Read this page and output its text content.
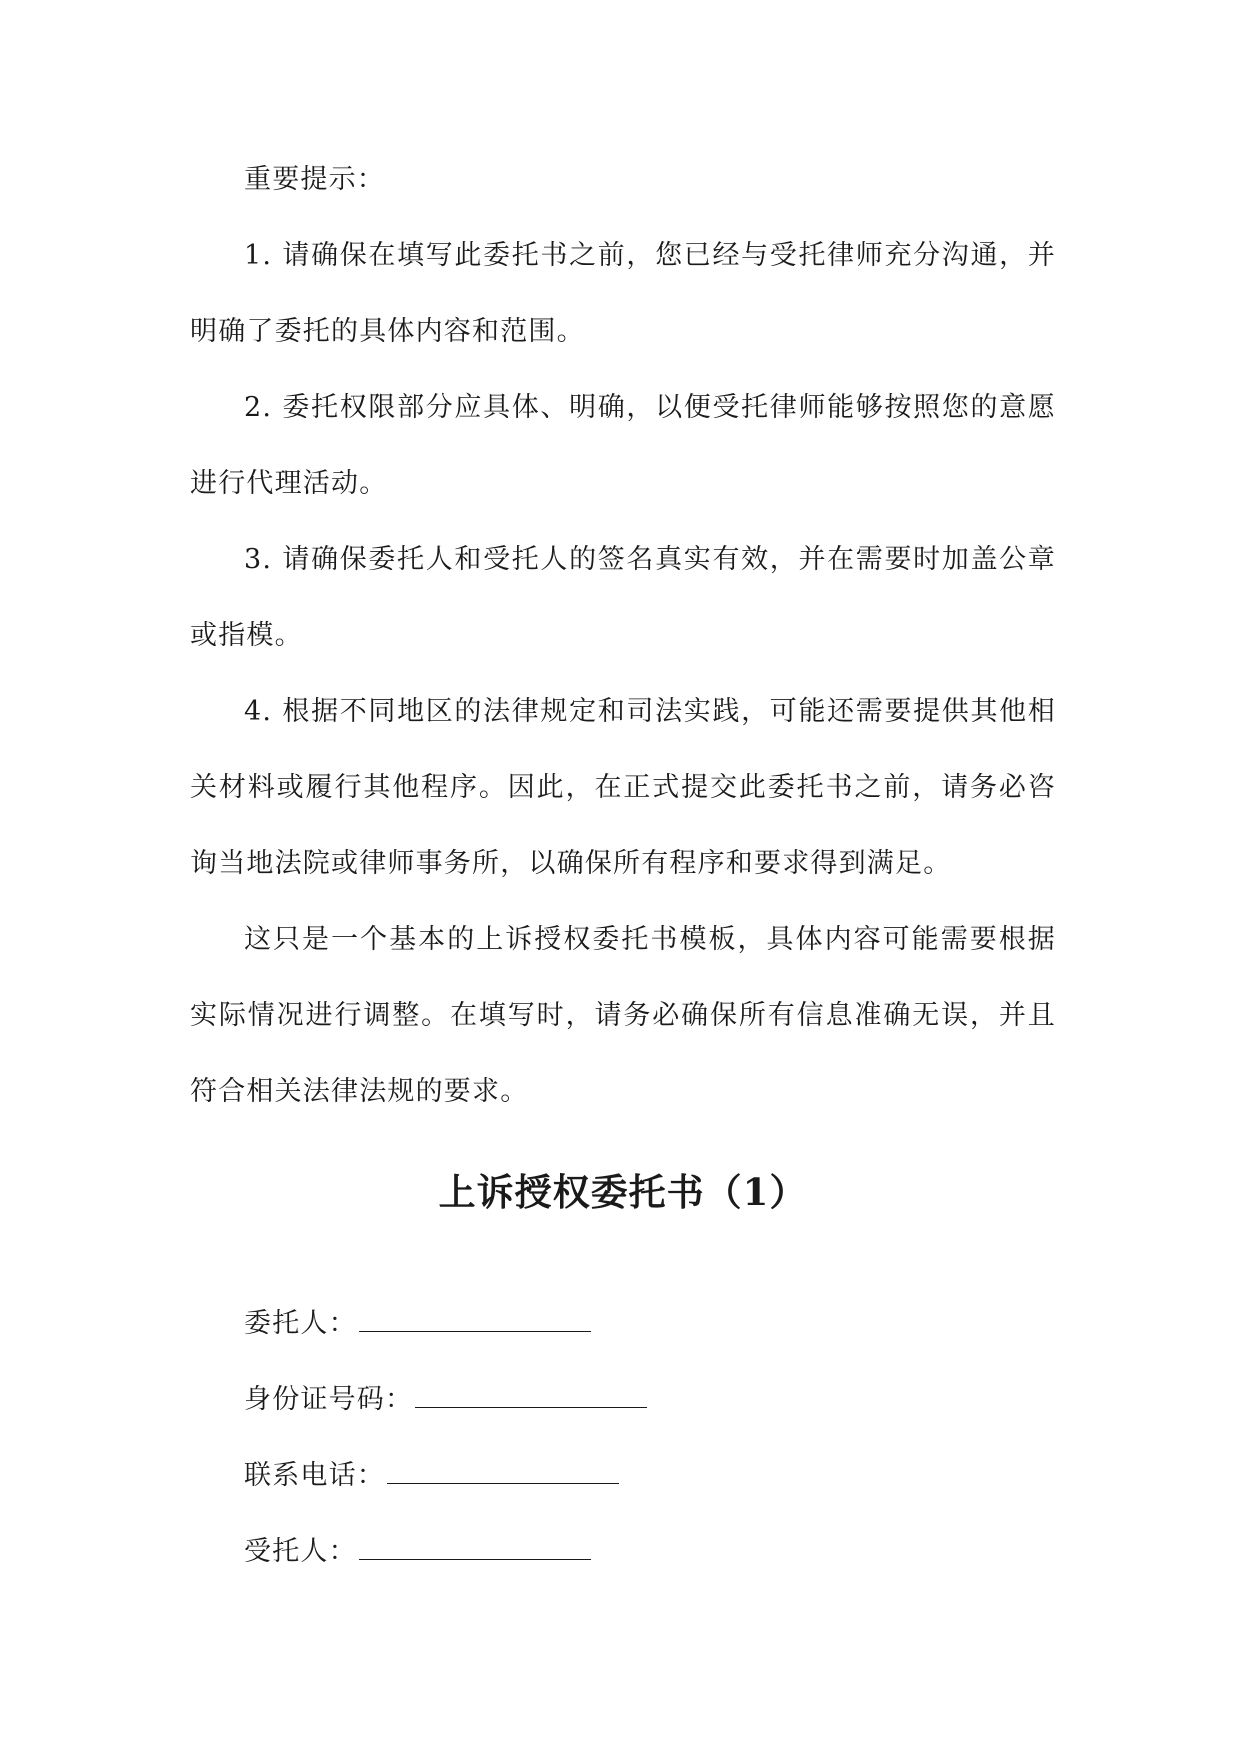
重要提示：

1. 请确保在填写此委托书之前，您已经与受托律师充分沟通，并明确了委托的具体内容和范围。

2. 委托权限部分应具体、明确，以便受托律师能够按照您的意愿进行代理活动。

3. 请确保委托人和受托人的签名真实有效，并在需要时加盖公章或指模。

4. 根据不同地区的法律规定和司法实践，可能还需要提供其他相关材料或履行其他程序。因此，在正式提交此委托书之前，请务必咨询当地法院或律师事务所，以确保所有程序和要求得到满足。

这只是一个基本的上诉授权委托书模板，具体内容可能需要根据实际情况进行调整。在填写时，请务必确保所有信息准确无误，并且符合相关法律法规的要求。

上诉授权委托书（1）

委托人：

身份证号码：

联系电话：

受托人：
